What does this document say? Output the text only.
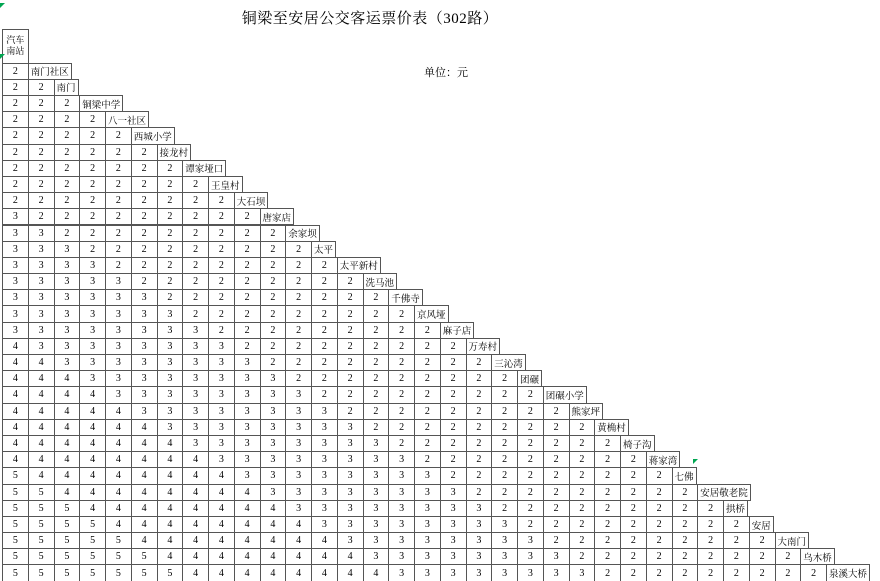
铜梁至安居公交客运票价表（302路）
单位：元
汽车南站
2	南门社区
2	2	南门
2	2	2	铜梁中学
2	2	2	2	八一社区
2	2	2	2	2	西城小学
2	2	2	2	2	2	接龙村
2	2	2	2	2	2	2	谭家垭口
2	2	2	2	2	2	2	2	王皇村
2	2	2	2	2	2	2	2	2	大石坝
3	2	2	2	2	2	2	2	2	2	唐家店
3	3	2	2	2	2	2	2	2	2	2	余家坝
3	3	3	2	2	2	2	2	2	2	2	2	太平
3	3	3	3	2	2	2	2	2	2	2	2	2	太平新村
3	3	3	3	3	2	2	2	2	2	2	2	2	2	洗马池
3	3	3	3	3	3	2	2	2	2	2	2	2	2	2	千佛寺
3	3	3	3	3	3	3	2	2	2	2	2	2	2	2	2	京风垭
3	3	3	3	3	3	3	3	2	2	2	2	2	2	2	2	2	麻子店
4	3	3	3	3	3	3	3	3	2	2	2	2	2	2	2	2	2	万寿村
4	4	3	3	3	3	3	3	3	3	2	2	2	2	2	2	2	2	2	三沁湾
4	4	4	3	3	3	3	3	3	3	3	2	2	2	2	2	2	2	2	2	团碾
4	4	4	4	3	3	3	3	3	3	3	3	2	2	2	2	2	2	2	2	2	团碾小学
4	4	4	4	4	3	3	3	3	3	3	3	3	2	2	2	2	2	2	2	2	2	熊家坪
4	4	4	4	4	4	3	3	3	3	3	3	3	3	2	2	2	2	2	2	2	2	2	黄桷村
4	4	4	4	4	4	4	3	3	3	3	3	3	3	3	2	2	2	2	2	2	2	2	2	椅子沟
4	4	4	4	4	4	4	4	3	3	3	3	3	3	3	3	2	2	2	2	2	2	2	2	2	蒋家湾
5	4	4	4	4	4	4	4	4	3	3	3	3	3	3	3	3	2	2	2	2	2	2	2	2	2	七佛
5	5	4	4	4	4	4	4	4	4	3	3	3	3	3	3	3	3	2	2	2	2	2	2	2	2	2	安居敬老院
5	5	5	4	4	4	4	4	4	4	4	3	3	3	3	3	3	3	3	2	2	2	2	2	2	2	2	2	拱桥
5	5	5	5	4	4	4	4	4	4	4	4	3	3	3	3	3	3	3	3	2	2	2	2	2	2	2	2	2	安居
5	5	5	5	5	4	4	4	4	4	4	4	4	3	3	3	3	3	3	3	3	2	2	2	2	2	2	2	2	2	大南门
5	5	5	5	5	5	4	4	4	4	4	4	4	4	3	3	3	3	3	3	3	3	2	2	2	2	2	2	2	2	2	乌木桥
5	5	5	5	5	5	5	4	4	4	4	4	4	4	4	3	3	3	3	3	3	3	3	2	2	2	2	2	2	2	2	2	泉溪大桥
